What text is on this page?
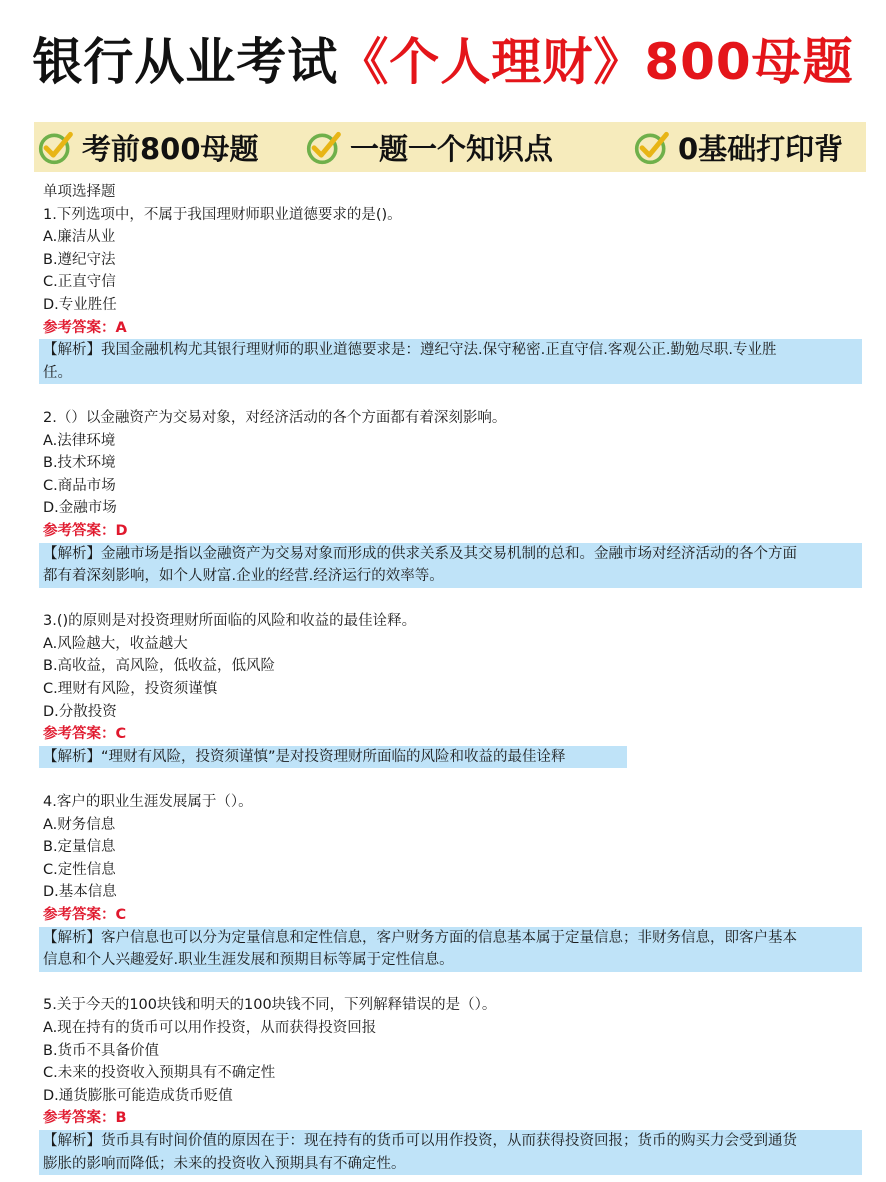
银行从业考试《个人理财》800母题
考前800母题	一题一个知识点	0基础打印背
单项选择题
1.下列选项中，不属于我国理财师职业道德要求的是()。
A.廉洁从业
B.遵纪守法
C.正直守信
D.专业胜任
参考答案：A
【解析】我国金融机构尤其银行理财师的职业道德要求是：遵纪守法.保守秘密.正直守信.客观公正.勤勉尽职.专业胜
任。
2.（）以金融资产为交易对象，对经济活动的各个方面都有着深刻影响。
A.法律环境
B.技术环境
C.商品市场
D.金融市场
参考答案：D
【解析】金融市场是指以金融资产为交易对象而形成的供求关系及其交易机制的总和。金融市场对经济活动的各个方面
都有着深刻影响，如个人财富.企业的经营.经济运行的效率等。
3.()的原则是对投资理财所面临的风险和收益的最佳诠释。
A.风险越大，收益越大
B.高收益，高风险，低收益，低风险
C.理财有风险，投资须谨慎
D.分散投资
参考答案：C
【解析】“理财有风险，投资须谨慎”是对投资理财所面临的风险和收益的最佳诠释
4.客户的职业生涯发展属于（）。
A.财务信息
B.定量信息
C.定性信息
D.基本信息
参考答案：C
【解析】客户信息也可以分为定量信息和定性信息，客户财务方面的信息基本属于定量信息；非财务信息，即客户基本
信息和个人兴趣爱好.职业生涯发展和预期目标等属于定性信息。
5.关于今天的100块钱和明天的100块钱不同，下列解释错误的是（）。
A.现在持有的货币可以用作投资，从而获得投资回报
B.货币不具备价值
C.未来的投资收入预期具有不确定性
D.通货膨胀可能造成货币贬值
参考答案：B
【解析】货币具有时间价值的原因在于：现在持有的货币可以用作投资，从而获得投资回报；货币的购买力会受到通货
膨胀的影响而降低；未来的投资收入预期具有不确定性。
